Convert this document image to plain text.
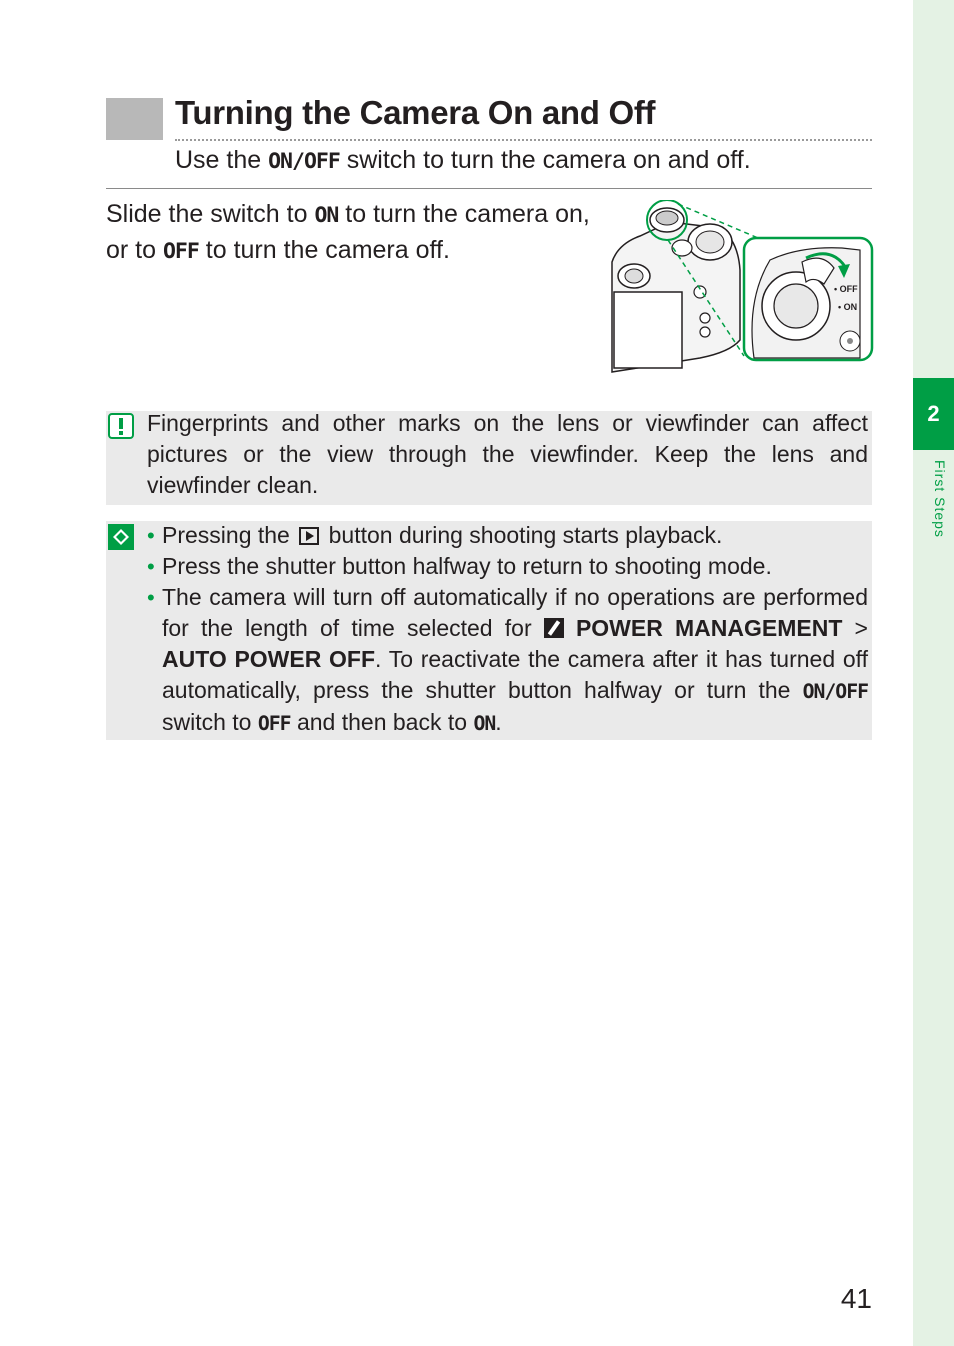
2
First Steps
Turning the Camera On and Off
Use the ON/OFF switch to turn the camera on and off.
Slide the switch to ON to turn the camera on, or to OFF to turn the camera off.
• OFF
• ON
Fingerprints and other marks on the lens or viewfinder can affect pictures or the view through the viewfinder. Keep the lens and viewfinder clean.
• Pressing the  button during shooting starts playback.
• Press the shutter button halfway to return to shooting mode.
• The camera will turn off automatically if no operations are performed for the length of time selected for  POWER MANAGEMENT > AUTO POWER OFF. To reactivate the camera after it has turned off automatically, press the shutter button halfway or turn the ON/OFF switch to OFF and then back to ON.
41
